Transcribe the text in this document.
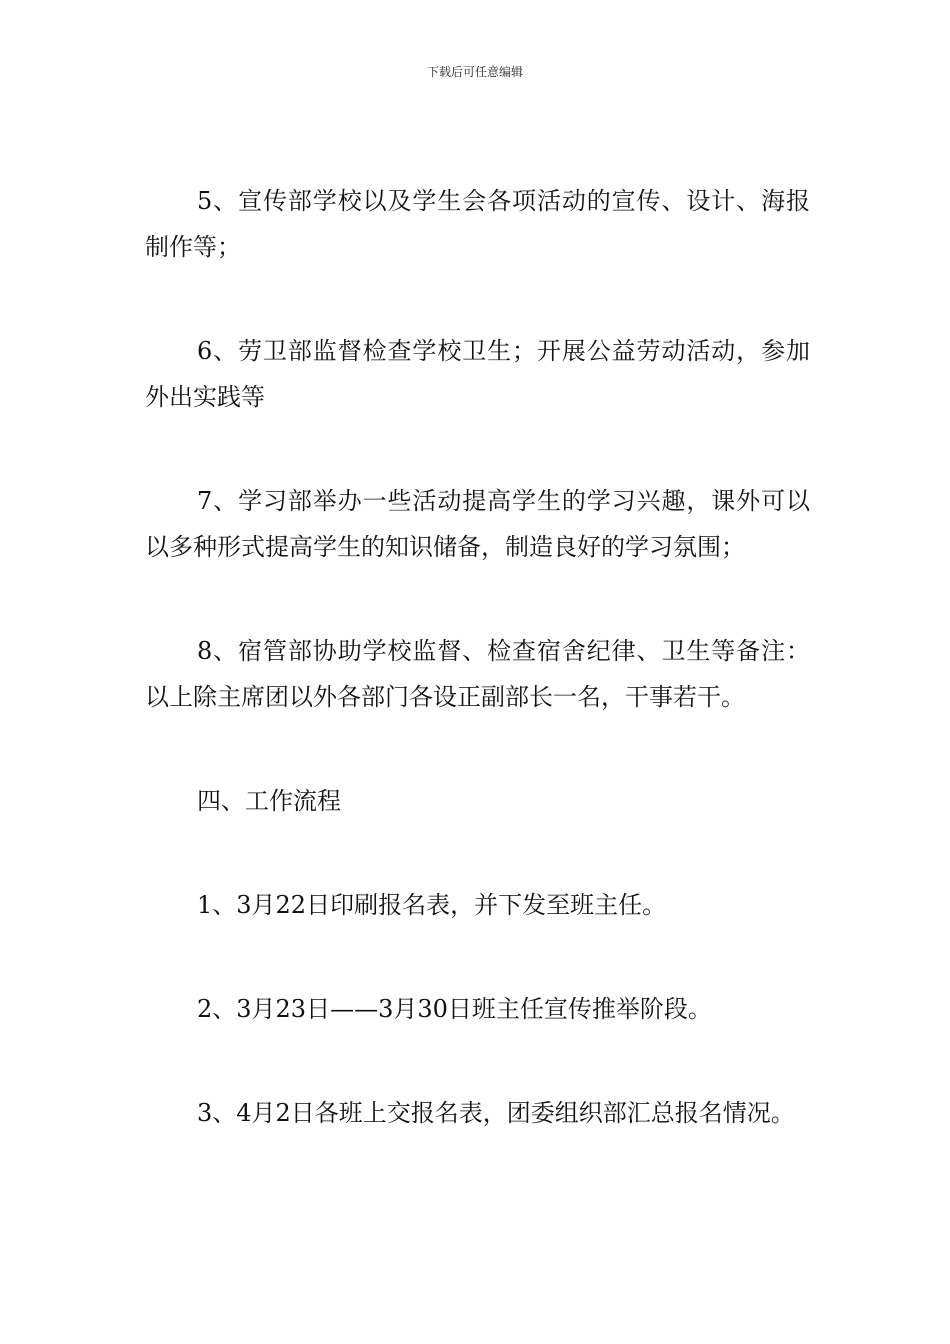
下载后可任意编辑

5、宣传部学校以及学生会各项活动的宣传、设计、海报制作等；

6、劳卫部监督检查学校卫生；开展公益劳动活动，参加外出实践等

7、学习部举办一些活动提高学生的学习兴趣，课外可以以多种形式提高学生的知识储备，制造良好的学习氛围；

8、宿管部协助学校监督、检查宿舍纪律、卫生等备注：以上除主席团以外各部门各设正副部长一名，干事若干。

四、工作流程

1、3月22日印刷报名表，并下发至班主任。

2、3月23日——3月30日班主任宣传推举阶段。

3、4月2日各班上交报名表，团委组织部汇总报名情况。
